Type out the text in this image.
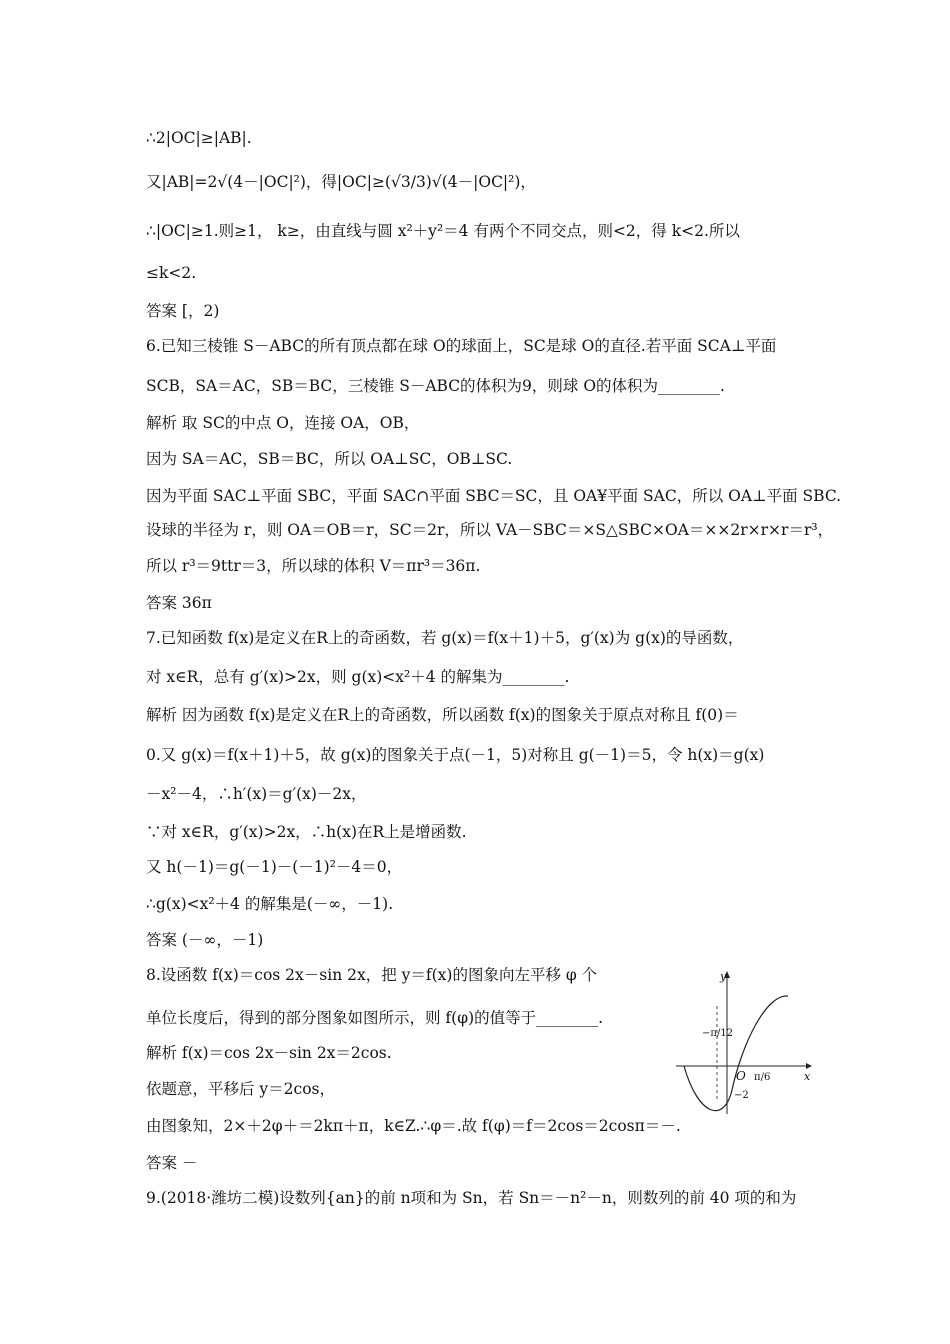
∴2|OC|≥|AB|.
又|AB|=2√(4－|OC|²)，得|OC|≥(√3/3)√(4－|OC|²)，
∴|OC|≥1.则≥1， k≥，由直线与圆 x²＋y²＝4 有两个不同交点，则<2，得 k<2.所以
≤k<2.
答案 [，2)
6.已知三棱锥 S－ABC的所有顶点都在球 O的球面上，SC是球 O的直径.若平面 SCA⊥平面
SCB，SA＝AC，SB＝BC，三棱锥 S－ABC的体积为9，则球 O的体积为________.
解析 取 SC的中点 O，连接 OA，OB，
因为 SA＝AC，SB＝BC，所以 OA⊥SC，OB⊥SC.
因为平面 SAC⊥平面 SBC，平面 SAC∩平面 SBC＝SC，且 OA¥平面 SAC，所以 OA⊥平面 SBC.
设球的半径为 r，则 OA＝OB＝r，SC＝2r，所以 VA－SBC＝×S△SBC×OA＝××2r×r×r＝r³，
所以 r³＝9ttr＝3，所以球的体积 V＝πr³＝36π.
答案 36π
7.已知函数 f(x)是定义在R上的奇函数，若 g(x)＝f(x＋1)＋5，g′(x)为 g(x)的导函数，
对 x∈R，总有 g′(x)>2x，则 g(x)<x²＋4 的解集为________.
解析 因为函数 f(x)是定义在R上的奇函数，所以函数 f(x)的图象关于原点对称且 f(0)＝
0.又 g(x)＝f(x＋1)＋5，故 g(x)的图象关于点(－1，5)对称且 g(－1)＝5，令 h(x)＝g(x)
－x²－4，∴h′(x)＝g′(x)－2x，
∵对 x∈R，g′(x)>2x，∴h(x)在R上是增函数.
又 h(－1)＝g(－1)－(－1)²－4＝0，
∴g(x)<x²＋4 的解集是(－∞，－1).
答案 (－∞，－1)
8.设函数 f(x)＝cos 2x－sin 2x，把 y＝f(x)的图象向左平移 φ 个
单位长度后，得到的部分图象如图所示，则 f(φ)的值等于________.
解析 f(x)＝cos 2x－sin 2x＝2cos.
依题意，平移后 y＝2cos，
由图象知，2×＋2φ＋＝2kπ＋π，k∈Z.∴φ＝.故 f(φ)＝f＝2cos＝2cosπ＝－.
答案 －
9.(2018·潍坊二模)设数列{an}的前 n项和为 Sn，若 Sn＝－n²－n，则数列的前 40 项的和为
y
x
O
−π/12
π/6
−2
